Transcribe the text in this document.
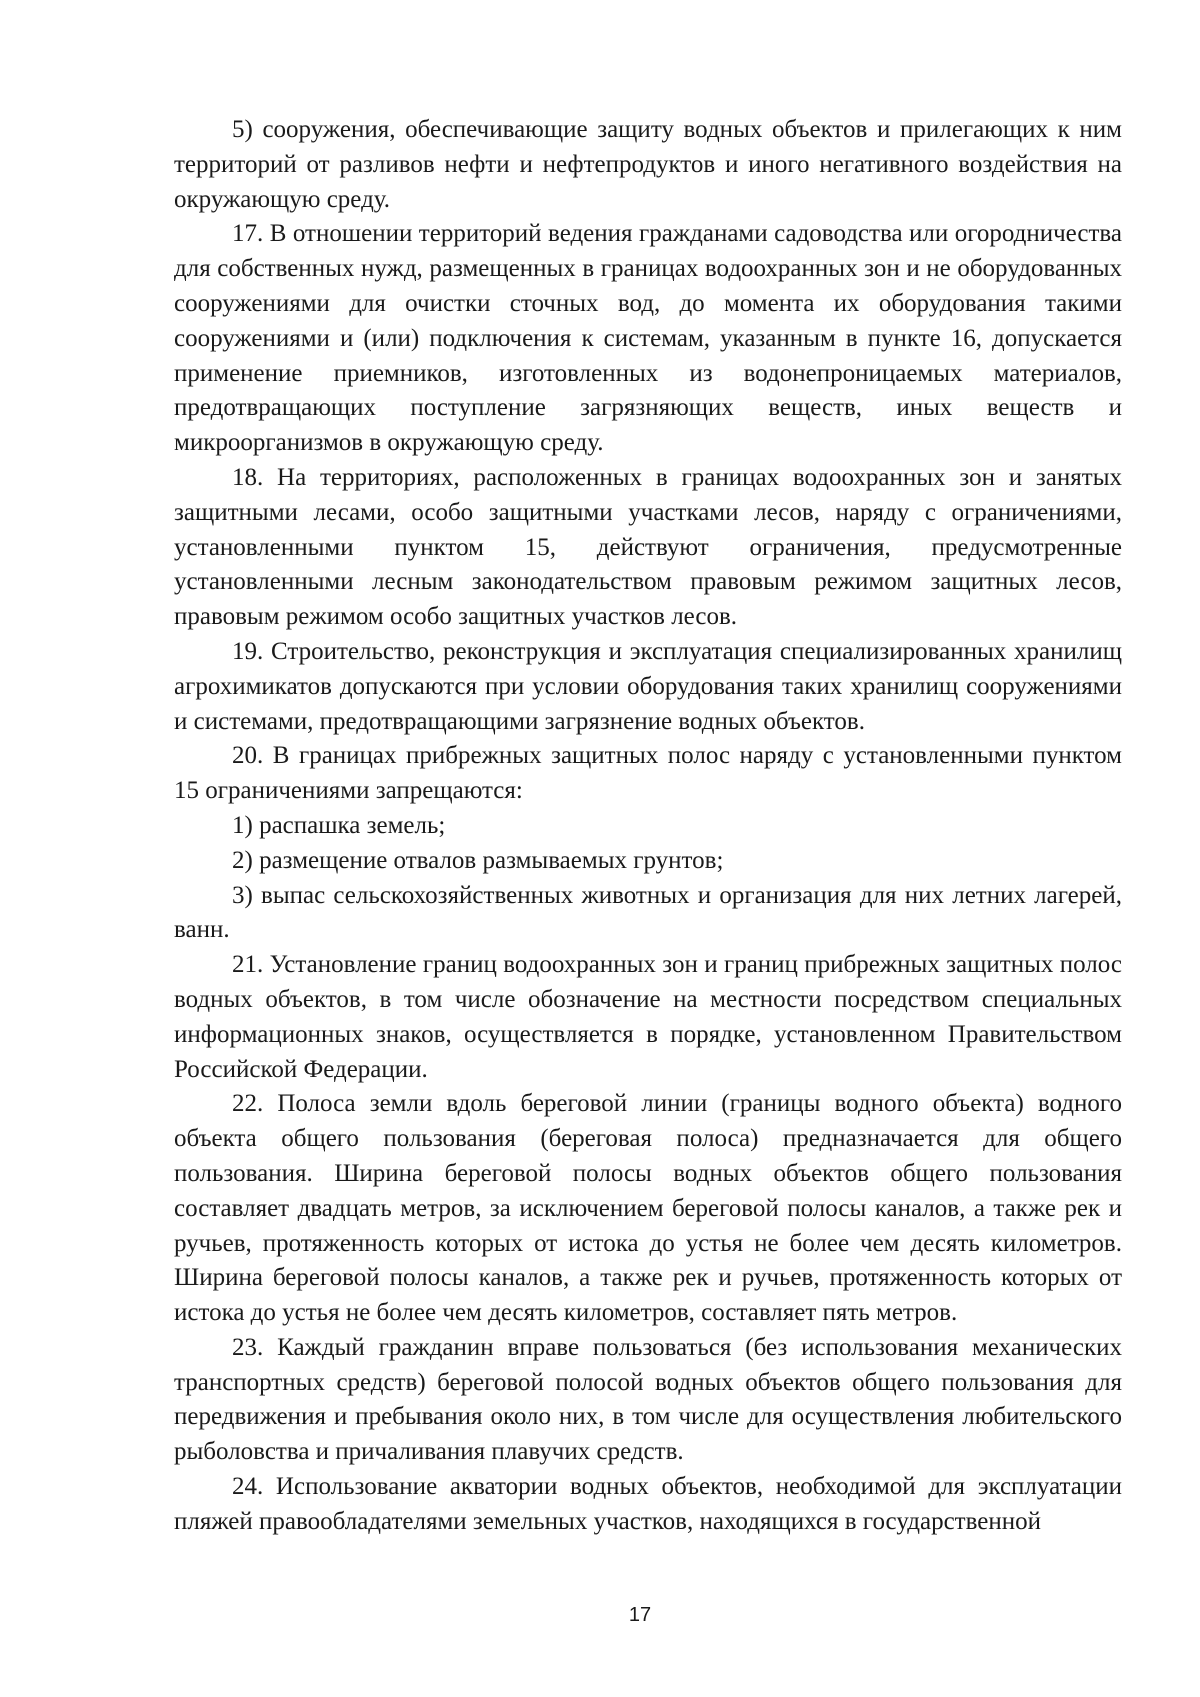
5) сооружения, обеспечивающие защиту водных объектов и прилегающих к ним территорий от разливов нефти и нефтепродуктов и иного негативного воздействия на окружающую среду.

17. В отношении территорий ведения гражданами садоводства или огородничества для собственных нужд, размещенных в границах водоохранных зон и не оборудованных сооружениями для очистки сточных вод, до момента их оборудования такими сооружениями и (или) подключения к системам, указанным в пункте 16, допускается применение приемников, изготовленных из водонепроницаемых материалов, предотвращающих поступление загрязняющих веществ, иных веществ и микроорганизмов в окружающую среду.

18. На территориях, расположенных в границах водоохранных зон и занятых защитными лесами, особо защитными участками лесов, наряду с ограничениями, установленными пунктом 15, действуют ограничения, предусмотренные установленными лесным законодательством правовым режимом защитных лесов, правовым режимом особо защитных участков лесов.

19. Строительство, реконструкция и эксплуатация специализированных хранилищ агрохимикатов допускаются при условии оборудования таких хранилищ сооружениями и системами, предотвращающими загрязнение водных объектов.

20. В границах прибрежных защитных полос наряду с установленными пунктом 15 ограничениями запрещаются:

1) распашка земель;

2) размещение отвалов размываемых грунтов;

3) выпас сельскохозяйственных животных и организация для них летних лагерей, ванн.

21. Установление границ водоохранных зон и границ прибрежных защитных полос водных объектов, в том числе обозначение на местности посредством специальных информационных знаков, осуществляется в порядке, установленном Правительством Российской Федерации.

22. Полоса земли вдоль береговой линии (границы водного объекта) водного объекта общего пользования (береговая полоса) предназначается для общего пользования. Ширина береговой полосы водных объектов общего пользования составляет двадцать метров, за исключением береговой полосы каналов, а также рек и ручьев, протяженность которых от истока до устья не более чем десять километров. Ширина береговой полосы каналов, а также рек и ручьев, протяженность которых от истока до устья не более чем десять километров, составляет пять метров.

23. Каждый гражданин вправе пользоваться (без использования механических транспортных средств) береговой полосой водных объектов общего пользования для передвижения и пребывания около них, в том числе для осуществления любительского рыболовства и причаливания плавучих средств.

24. Использование акватории водных объектов, необходимой для эксплуатации пляжей правообладателями земельных участков, находящихся в государственной

17
